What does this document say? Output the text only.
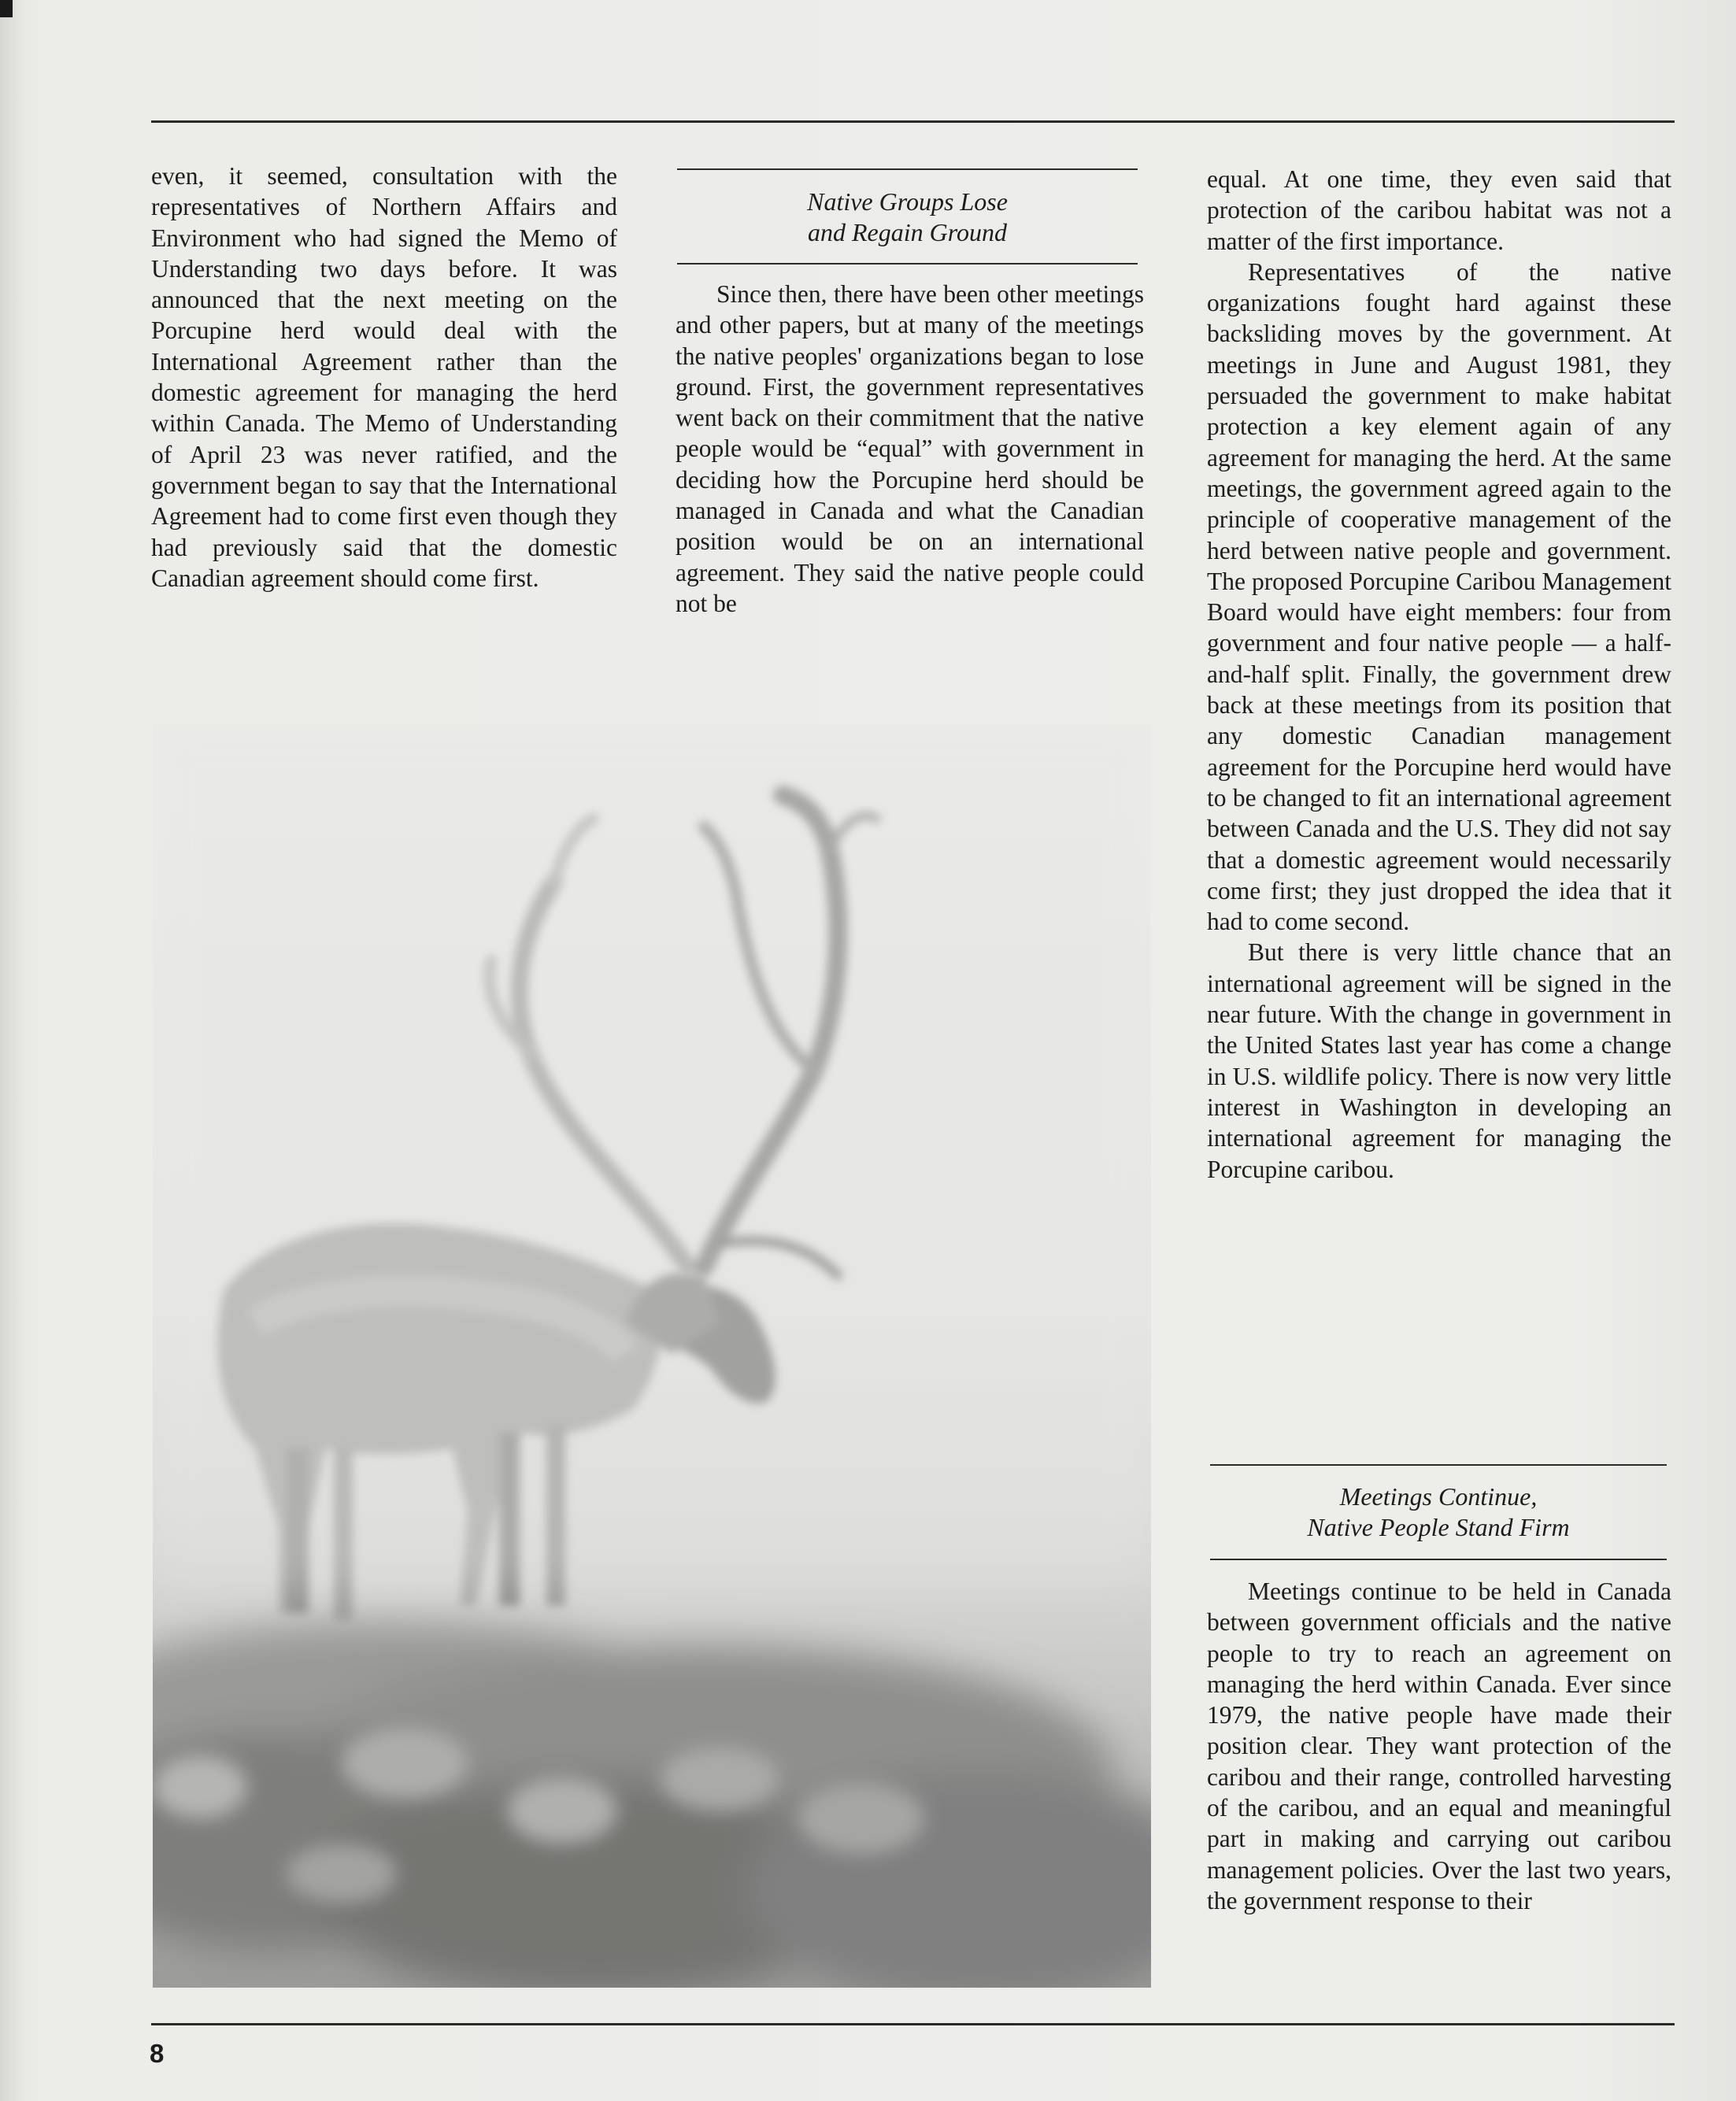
even, it seemed, consultation with the representatives of Northern Affairs and Environment who had signed the Memo of Understanding two days before. It was announced that the next meeting on the Porcupine herd would deal with the International Agreement rather than the domestic agreement for managing the herd within Canada. The Memo of Understanding of April 23 was never ratified, and the government began to say that the International Agreement had to come first even though they had previously said that the domestic Canadian agreement should come first.

Native Groups Lose
and Regain Ground

Since then, there have been other meetings and other papers, but at many of the meetings the native peoples' organizations began to lose ground. First, the government representatives went back on their commitment that the native people would be “equal” with government in deciding how the Porcupine herd should be managed in Canada and what the Canadian position would be on an international agreement. They said the native people could not be

equal. At one time, they even said that protection of the caribou habitat was not a matter of the first importance.

Representatives of the native organizations fought hard against these backsliding moves by the government. At meetings in June and August 1981, they persuaded the government to make habitat protection a key element again of any agreement for managing the herd. At the same meetings, the government agreed again to the principle of cooperative management of the herd between native people and government. The proposed Porcupine Caribou Management Board would have eight members: four from government and four native people — a half-and-half split. Finally, the government drew back at these meetings from its position that any domestic Canadian management agreement for the Porcupine herd would have to be changed to fit an international agreement between Canada and the U.S. They did not say that a domestic agreement would necessarily come first; they just dropped the idea that it had to come second.

But there is very little chance that an international agreement will be signed in the near future. With the change in government in the United States last year has come a change in U.S. wildlife policy. There is now very little interest in Washington in developing an international agreement for managing the Porcupine caribou.

Meetings Continue,
Native People Stand Firm

Meetings continue to be held in Canada between government officials and the native people to try to reach an agreement on managing the herd within Canada. Ever since 1979, the native people have made their position clear. They want protection of the caribou and their range, controlled harvesting of the caribou, and an equal and meaningful part in making and carrying out caribou management policies. Over the last two years, the government response to their

8
